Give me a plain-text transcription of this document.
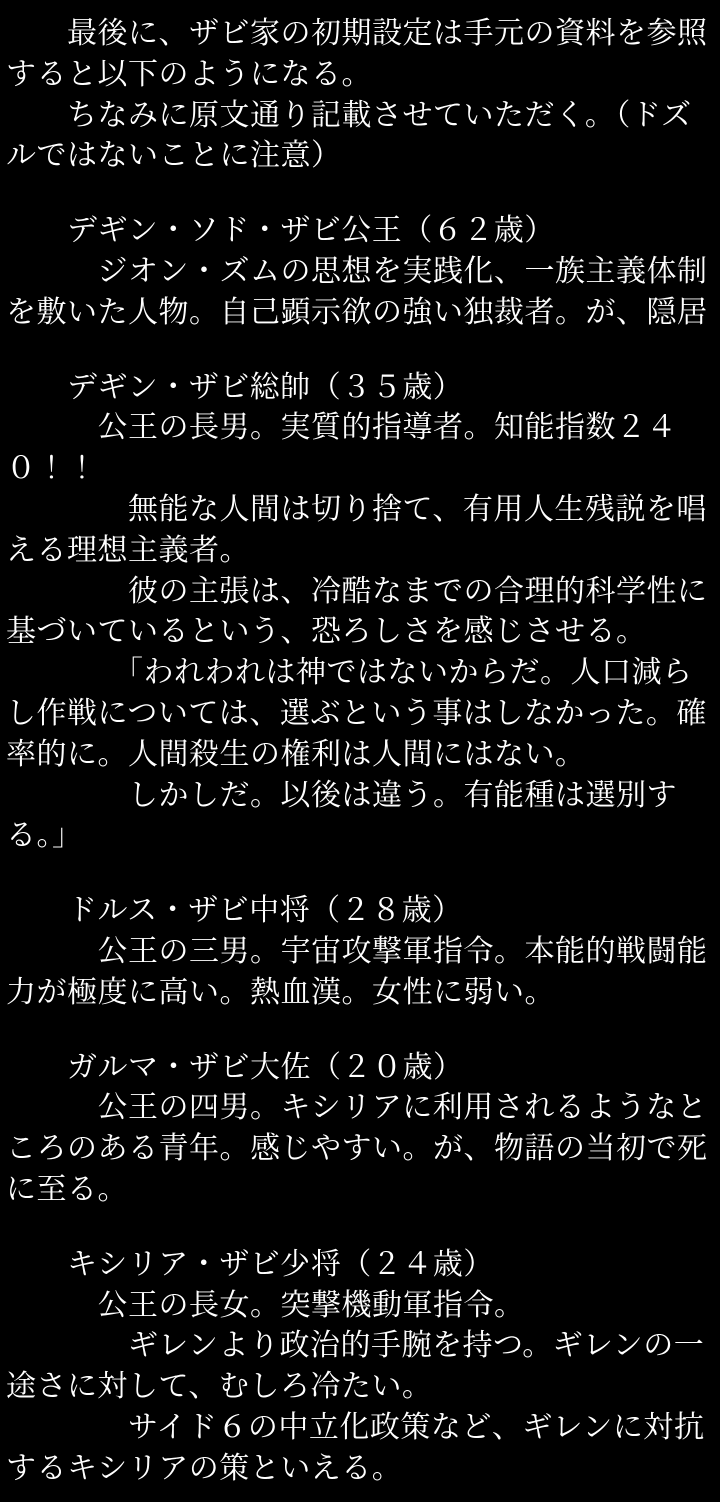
　　最後に、ザビ家の初期設定は手元の資料を参照すると以下のようになる。

　　ちなみに原文通り記載させていただく。（ドズルではないことに注意）

　　デギン・ソド・ザビ公王（６２歳）

　　　ジオン・ズムの思想を実践化、一族主義体制を敷いた人物。自己顕示欲の強い独裁者。が、隠居

　　デギン・ザビ総帥（３５歳）

　　　公王の長男。実質的指導者。知能指数２４０！！

　　　　無能な人間は切り捨て、有用人生残説を唱える理想主義者。

　　　　彼の主張は、冷酷なまでの合理的科学性に基づいているという、恐ろしさを感じさせる。

　　　　「われわれは神ではないからだ。人口減らし作戦については、選ぶという事はしなかった。確率的に。人間殺生の権利は人間にはない。

　　　　しかしだ。以後は違う。有能種は選別する。」

　　ドルス・ザビ中将（２８歳）

　　　公王の三男。宇宙攻撃軍指令。本能的戦闘能力が極度に高い。熱血漢。女性に弱い。

　　ガルマ・ザビ大佐（２０歳）

　　　公王の四男。キシリアに利用されるようなところのある青年。感じやすい。が、物語の当初で死に至る。

　　キシリア・ザビ少将（２４歳）

　　　公王の長女。突撃機動軍指令。

　　　　ギレンより政治的手腕を持つ。ギレンの一途さに対して、むしろ冷たい。

　　　　サイド６の中立化政策など、ギレンに対抗するキシリアの策といえる。
